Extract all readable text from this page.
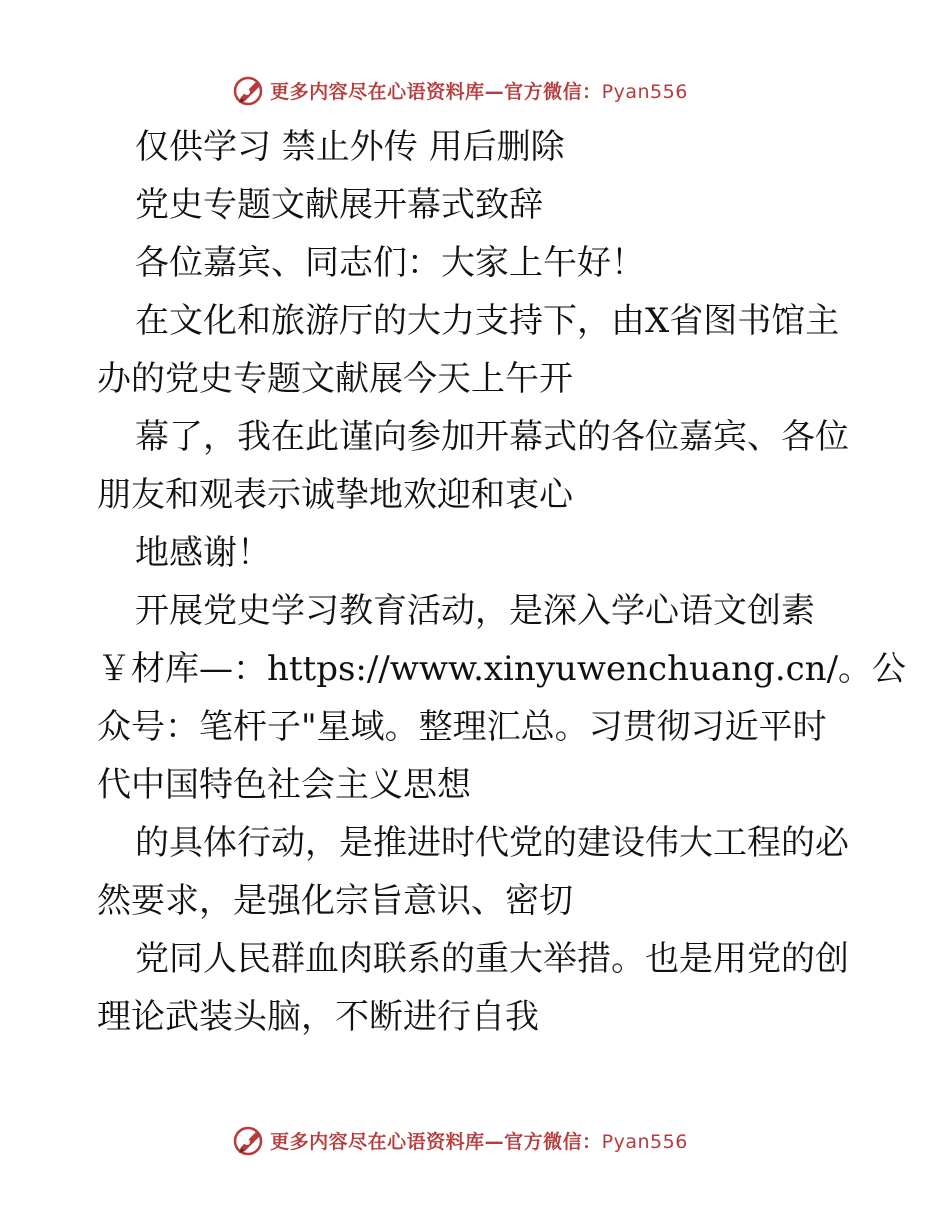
更多内容尽在心语资料库—官方微信：Pyan556
仅供学习 禁止外传 用后删除
党史专题文献展开幕式致辞
各位嘉宾、同志们：大家上午好！
在文化和旅游厅的大力支持下，由X省图书馆主
办的党史专题文献展今天上午开
幕了，我在此谨向参加开幕式的各位嘉宾、各位
朋友和观表示诚挚地欢迎和衷心
地感谢！
开展党史学习教育活动，是深入学心语文创素
￥材库—：https://www.xinyuwenchuang.cn/。公
众号：笔杆子"星域。整理汇总。习贯彻习近平时
代中国特色社会主义思想
的具体行动，是推进时代党的建设伟大工程的必
然要求，是强化宗旨意识、密切
党同人民群血肉联系的重大举措。也是用党的创
理论武装头脑，不断进行自我
更多内容尽在心语资料库—官方微信：Pyan556
